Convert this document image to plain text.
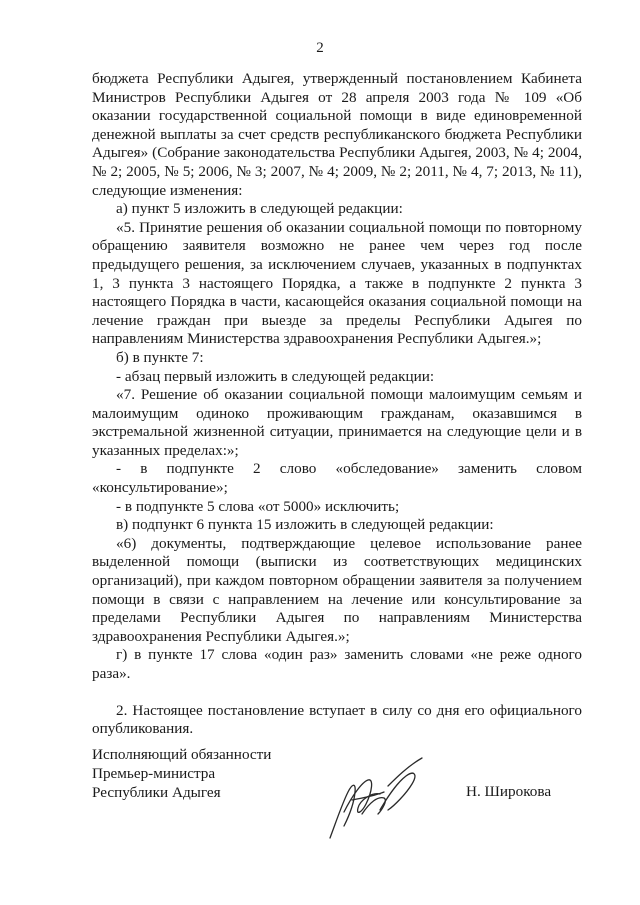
2

бюджета Республики Адыгея, утвержденный постановлением Кабинета Министров Республики Адыгея от 28 апреля 2003 года № 109 «Об оказании государственной социальной помощи в виде единовременной денежной выплаты за счет средств республиканского бюджета Республики Адыгея» (Собрание законодательства Республики Адыгея, 2003, № 4; 2004, № 2; 2005, № 5; 2006, № 3; 2007, № 4; 2009, № 2; 2011, № 4, 7; 2013, № 11), следующие изменения:

а) пункт 5 изложить в следующей редакции:

«5. Принятие решения об оказании социальной помощи по повторному обращению заявителя возможно не ранее чем через год после предыдущего решения, за исключением случаев, указанных в подпунктах 1, 3 пункта 3 настоящего Порядка, а также в подпункте 2 пункта 3 настоящего Порядка в части, касающейся оказания социальной помощи на лечение граждан при выезде за пределы Республики Адыгея по направлениям Министерства здравоохранения Республики Адыгея.»;

б) в пункте 7:

- абзац первый изложить в следующей редакции:

«7. Решение об оказании социальной помощи малоимущим семьям и малоимущим одиноко проживающим гражданам, оказавшимся в экстремальной жизненной ситуации, принимается на следующие цели и в указанных пределах:»;

- в подпункте 2 слово «обследование» заменить словом «консультирование»;

- в подпункте 5 слова «от 5000» исключить;

в) подпункт 6 пункта 15 изложить в следующей редакции:

«6) документы, подтверждающие целевое использование ранее выделенной помощи (выписки из соответствующих медицинских организаций), при каждом повторном обращении заявителя за получением помощи в связи с направлением на лечение или консультирование за пределами Республики Адыгея по направлениям Министерства здравоохранения Республики Адыгея.»;

г) в пункте 17 слова «один раз» заменить словами «не реже одного раза».

2. Настоящее постановление вступает в силу со дня его официального опубликования.

Исполняющий обязанности
Премьер-министра
Республики Адыгея	Н. Широкова
